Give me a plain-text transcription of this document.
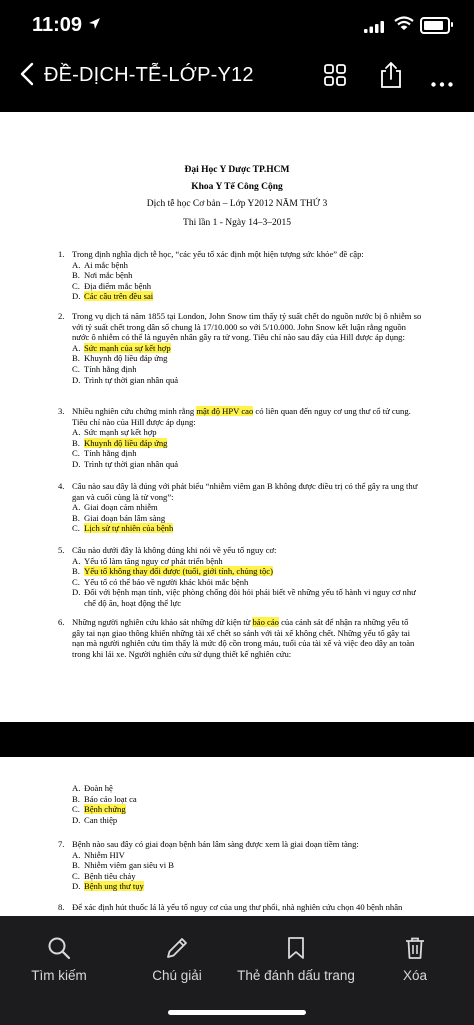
11:09
ĐỀ-DỊCH-TỄ-LỚP-Y12
Đại Học Y Dược TP.HCM
Khoa Y Tế Công Cộng
Dịch tễ học Cơ bản – Lớp Y2012 NĂM THỨ 3
Thi lần 1 - Ngày 14–3–2015
1. Trong định nghĩa dịch tễ học, “các yếu tố xác định một hiện tượng sức khỏe” đề cập:
A. Ai mắc bệnh
B. Nơi mắc bệnh
C. Địa điểm mắc bệnh
D. Các câu trên đều sai
2. Trong vụ dịch tả năm 1855 tại London, John Snow tìm thấy tỷ suất chết do nguồn nước bị ô nhiễm so với tỷ suất chết trong dân số chung là 17/10.000 so với 5/10.000. John Snow kết luận rằng nguồn nước ô nhiễm có thể là nguyên nhân gây ra tử vong. Tiêu chí nào sau đây của Hill được áp dụng:
A. Sức mạnh của sự kết hợp
B. Khuynh độ liều đáp ứng
C. Tính hằng định
D. Trình tự thời gian nhân quả
3. Nhiều nghiên cứu chứng minh rằng mật độ HPV cao có liên quan đến nguy cơ ung thư cổ tử cung. Tiêu chí nào của Hill được áp dụng:
A. Sức mạnh sự kết hợp
B. Khuynh độ liều đáp ứng
C. Tính hằng định
D. Trình tự thời gian nhân quả
4. Câu nào sau đây là đúng với phát biểu “nhiễm viêm gan B không được điều trị có thể gây ra ung thư gan và cuối cùng là tử vong”:
A. Giai đoạn cảm nhiễm
B. Giai đoạn bán lâm sàng
C. Lịch sử tự nhiên của bệnh
5. Câu nào dưới đây là không đúng khi nói về yếu tố nguy cơ:
A. Yếu tố làm tăng nguy cơ phát triển bệnh
B. Yếu tố không thay đổi được (tuổi, giới tính, chủng tộc)
C. Yếu tố có thể báo về người khác khỏi mắc bệnh
D. Đối với bệnh mạn tính, việc phòng chống đòi hỏi phải biết về những yếu tố hành vi nguy cơ như chế độ ăn, hoạt động thể lực
6. Những người nghiên cứu khảo sát những dữ kiện từ báo cáo của cảnh sát để nhận ra những yếu tố gây tai nạn giao thông khiến những tài xế chết so sánh với tài xế không chết. Những yếu tố gây tai nạn mà người nghiên cứu tìm thấy là mức độ cồn trong máu, tuổi của tài xế và việc đeo dây an toàn trong khi lái xe. Người nghiên cứu sử dụng thiết kế nghiên cứu:
A. Đoàn hệ
B. Báo cáo loạt ca
C. Bệnh chứng
D. Can thiệp
7. Bệnh nào sau đây có giai đoạn bệnh bán lâm sàng được xem là giai đoạn tiềm tàng:
A. Nhiễm HIV
B. Nhiễm viêm gan siêu vi B
C. Bệnh tiêu chảy
D. Bệnh ung thư tụy
8. Để xác định hút thuốc lá là yếu tố nguy cơ của ung thư phổi, nhà nghiên cứu chọn 40 bệnh nhân
Tìm kiếm	Chú giải	Thẻ đánh dấu trang	Xóa
